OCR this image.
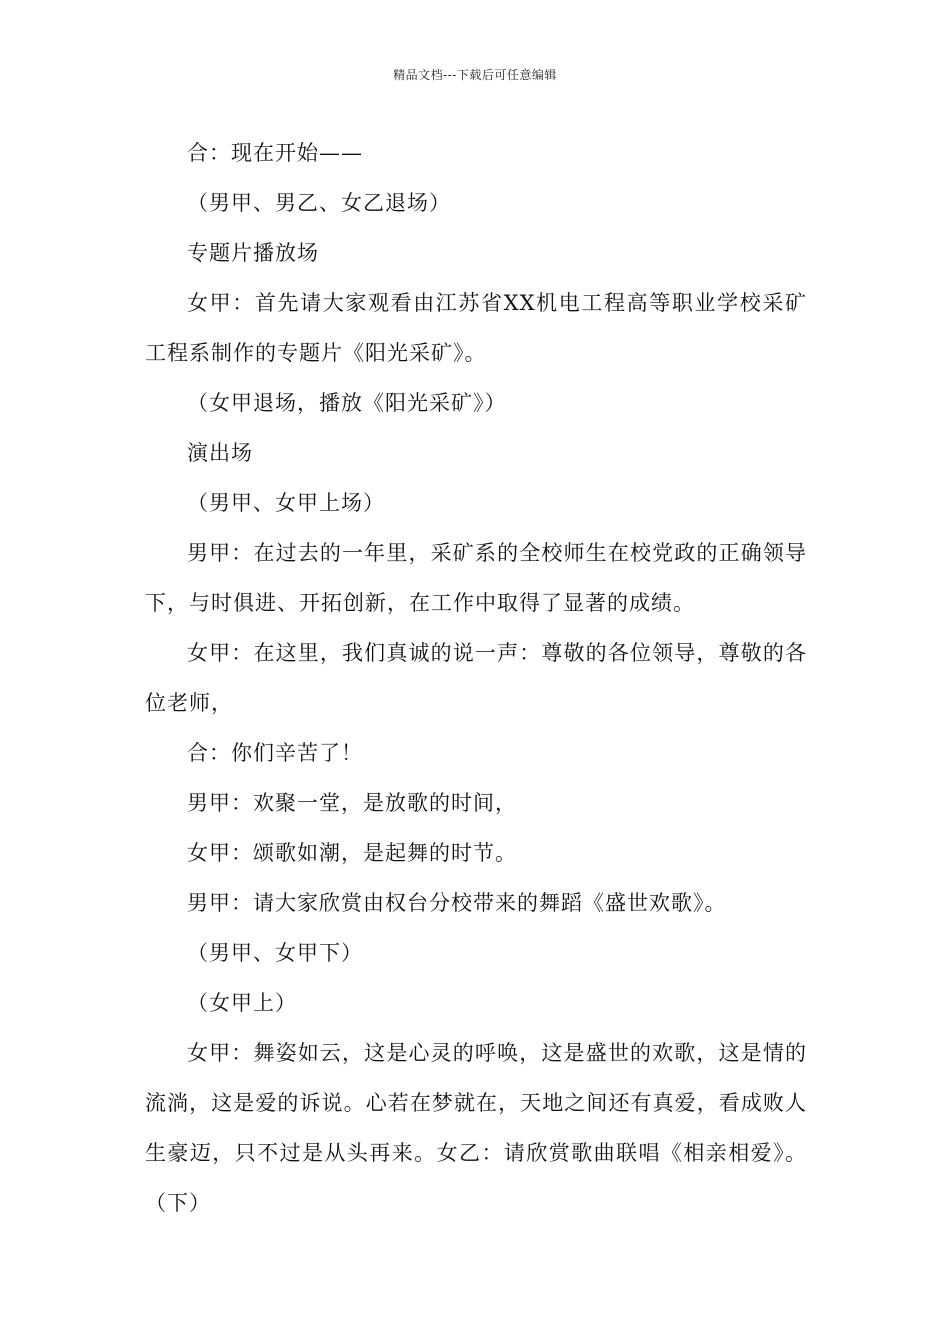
精品文档---下载后可任意编辑

合：现在开始——

（男甲、男乙、女乙退场）

专题片播放场

女甲：首先请大家观看由江苏省XX机电工程高等职业学校采矿工程系制作的专题片《阳光采矿》。

（女甲退场，播放《阳光采矿》）

演出场

（男甲、女甲上场）

男甲：在过去的一年里，采矿系的全校师生在校党政的正确领导下，与时俱进、开拓创新，在工作中取得了显著的成绩。

女甲：在这里，我们真诚的说一声：尊敬的各位领导，尊敬的各位老师，

合：你们辛苦了！

男甲：欢聚一堂，是放歌的时间，

女甲：颂歌如潮，是起舞的时节。

男甲：请大家欣赏由权台分校带来的舞蹈《盛世欢歌》。

（男甲、女甲下）

（女甲上）

女甲：舞姿如云，这是心灵的呼唤，这是盛世的欢歌，这是情的流淌，这是爱的诉说。心若在梦就在，天地之间还有真爱，看成败人生豪迈，只不过是从头再来。女乙：请欣赏歌曲联唱《相亲相爱》。（下）
